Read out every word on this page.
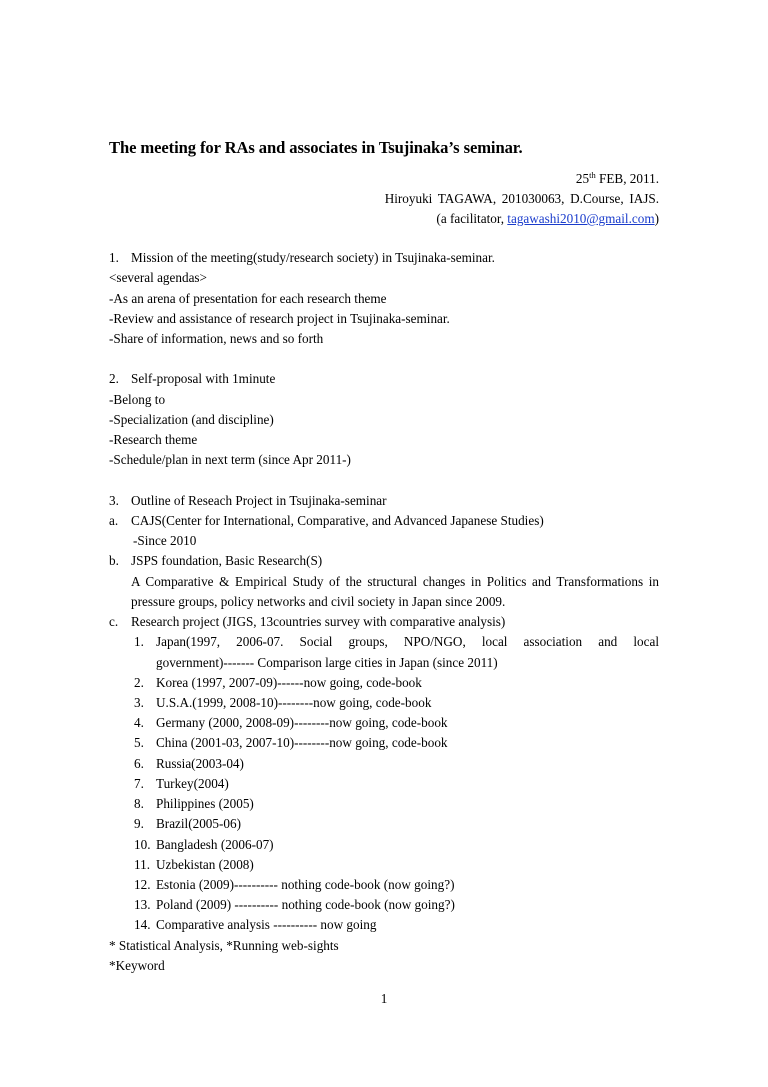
The meeting for RAs and associates in Tsujinaka’s seminar.
25th FEB, 2011.
Hiroyuki TAGAWA, 201030063, D.Course, IAJS.
(a facilitator, tagawashi2010@gmail.com)
1. Mission of the meeting(study/research society) in Tsujinaka-seminar.
<several agendas>
-As an arena of presentation for each research theme
-Review and assistance of research project in Tsujinaka-seminar.
-Share of information, news and so forth
2. Self-proposal with 1minute
-Belong to
-Specialization (and discipline)
-Research theme
-Schedule/plan in next term (since Apr 2011-)
3. Outline of Reseach Project in Tsujinaka-seminar
a. CAJS(Center for International, Comparative, and Advanced Japanese Studies)
-Since 2010
b. JSPS foundation, Basic Research(S)
A Comparative & Empirical Study of the structural changes in Politics and Transformations in
pressure groups, policy networks and civil society in Japan since 2009.
c. Research project (JIGS, 13countries survey with comparative analysis)
1. Japan(1997, 2006-07. Social groups, NPO/NGO, local association and local
government)------- Comparison large cities in Japan (since 2011)
2. Korea (1997, 2007-09)------now going, code-book
3. U.S.A.(1999, 2008-10)--------now going, code-book
4. Germany (2000, 2008-09)--------now going, code-book
5. China (2001-03, 2007-10)--------now going, code-book
6. Russia(2003-04)
7. Turkey(2004)
8. Philippines (2005)
9. Brazil(2005-06)
10. Bangladesh (2006-07)
11. Uzbekistan (2008)
12. Estonia (2009)---------- nothing code-book (now going?)
13. Poland (2009) ---------- nothing code-book (now going?)
14. Comparative analysis ---------- now going
* Statistical Analysis, *Running web-sights
*Keyword
1
